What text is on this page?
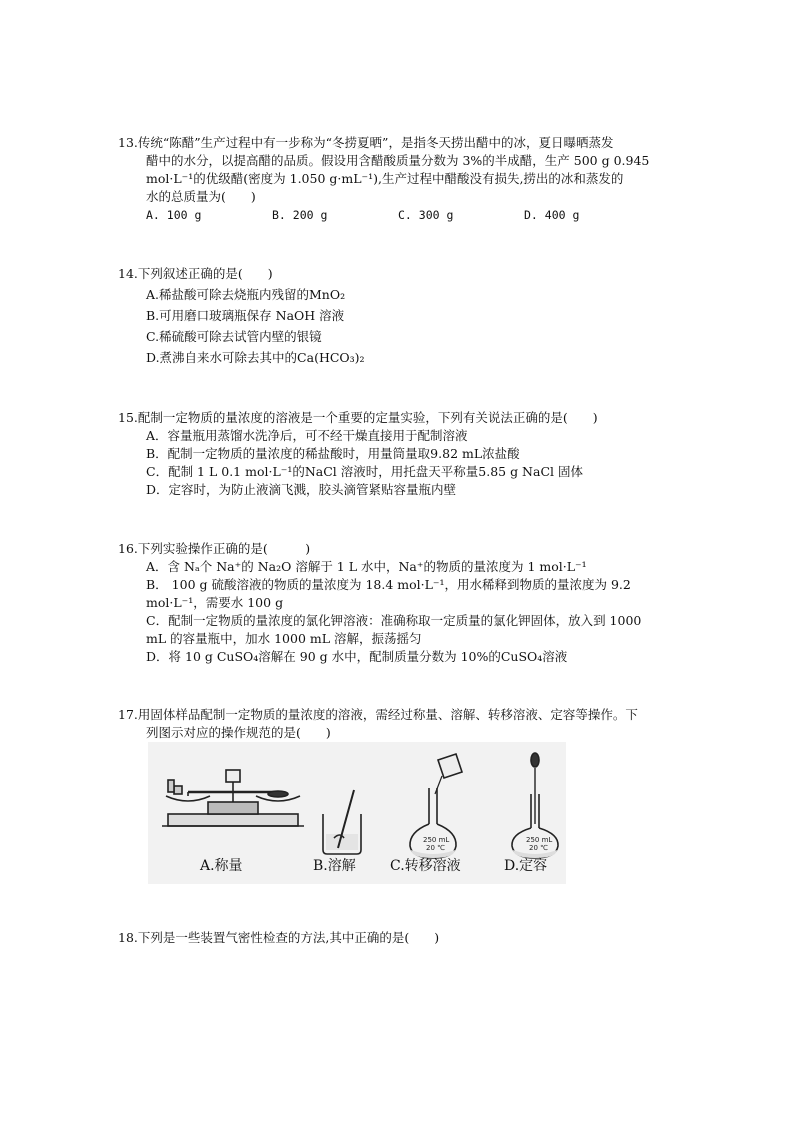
13.传统“陈醋”生产过程中有一步称为“冬捞夏晒”，是指冬天捞出醋中的冰，夏日曝晒蒸发
醋中的水分，以提高醋的品质。假设用含醋酸质量分数为 3%的半成醋，生产 500 g 0.945
mol·L⁻¹的优级醋(密度为 1.050 g·mL⁻¹),生产过程中醋酸没有损失,捞出的冰和蒸发的
水的总质量为(　　)
A. 100 g	B. 200 g	C. 300 g	D. 400 g
14.下列叙述正确的是(　　)
A.稀盐酸可除去烧瓶内残留的MnO₂
B.可用磨口玻璃瓶保存 NaOH 溶液
C.稀硫酸可除去试管内壁的银镜
D.煮沸自来水可除去其中的Ca(HCO₃)₂
15.配制一定物质的量浓度的溶液是一个重要的定量实验，下列有关说法正确的是(　　)
A．容量瓶用蒸馏水洗净后，可不经干燥直接用于配制溶液
B．配制一定物质的量浓度的稀盐酸时，用量筒量取9.82 mL浓盐酸
C．配制 1 L 0.1 mol·L⁻¹的NaCl 溶液时，用托盘天平称量5.85 g NaCl 固体
D．定容时，为防止液滴飞溅，胶头滴管紧贴容量瓶内壁
16.下列实验操作正确的是(　　　)
A．含 Nₐ个 Na⁺的 Na₂O 溶解于 1 L 水中，Na⁺的物质的量浓度为 1 mol·L⁻¹
B． 100 g 硫酸溶液的物质的量浓度为 18.4 mol·L⁻¹，用水稀释到物质的量浓度为 9.2
mol·L⁻¹，需要水 100 g
C．配制一定物质的量浓度的氯化钾溶液：准确称取一定质量的氯化钾固体，放入到 1000
mL 的容量瓶中，加水 1000 mL 溶解，振荡摇匀
D．将 10 g CuSO₄溶解在 90 g 水中，配制质量分数为 10%的CuSO₄溶液
17.用固体样品配制一定物质的量浓度的溶液，需经过称量、溶解、转移溶液、定容等操作。下
列图示对应的操作规范的是(　　)
250 mL
20 ℃
250 mL
20 ℃
A.称量	B.溶解 C.转移溶液	D.定容
18.下列是一些装置气密性检查的方法,其中正确的是(　　)
